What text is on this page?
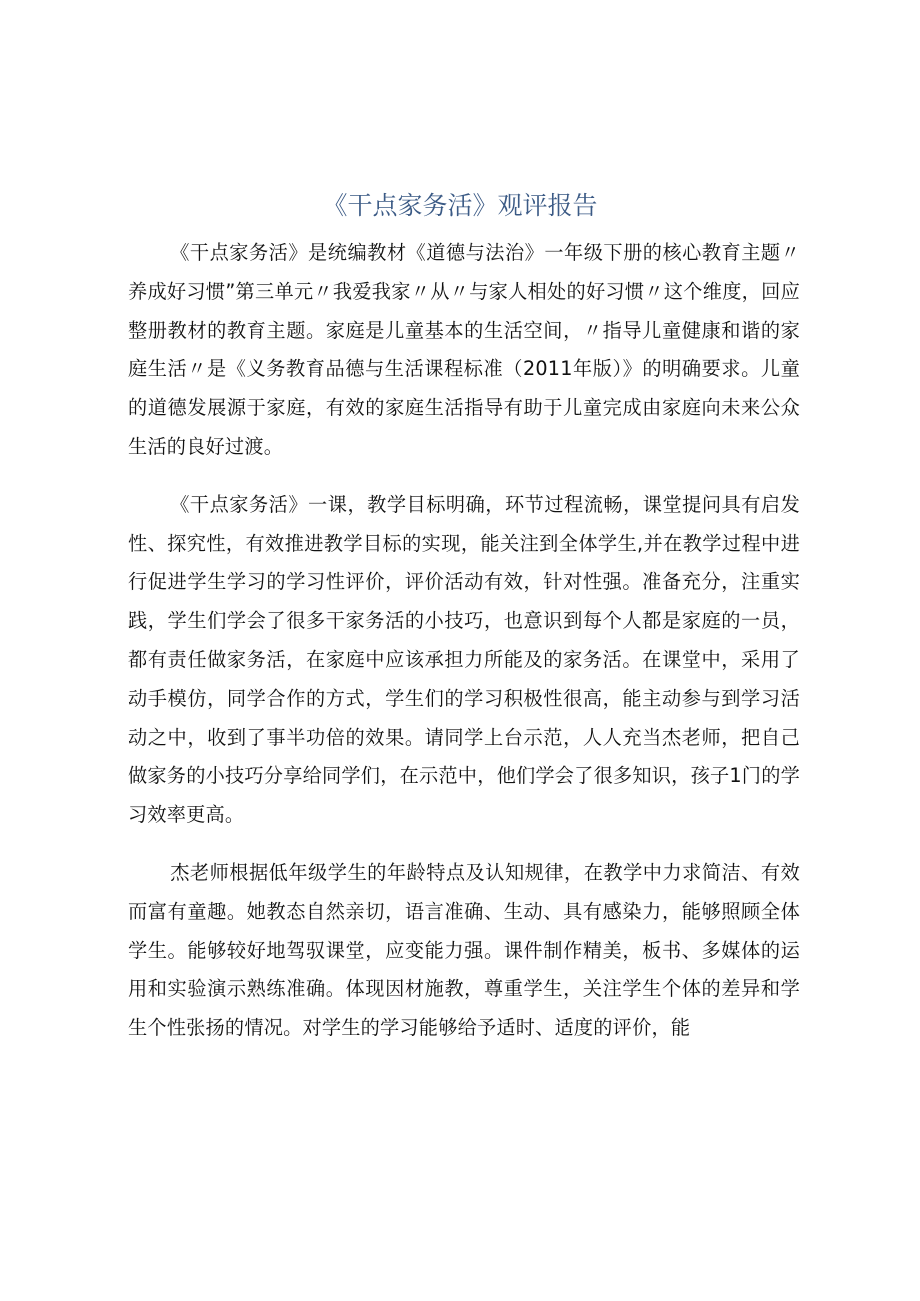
《干点家务活》观评报告

《干点家务活》是统编教材《道德与法治》一年级下册的核心教育主题〃养成好习惯”第三单元〃我爱我家〃从〃与家人相处的好习惯〃这个维度，回应整册教材的教育主题。家庭是儿童基本的生活空间，〃指导儿童健康和谐的家庭生活〃是《义务教育品德与生活课程标准（2011年版）》的明确要求。儿童的道德发展源于家庭，有效的家庭生活指导有助于儿童完成由家庭向未来公众生活的良好过渡。

《干点家务活》一课，教学目标明确，环节过程流畅，课堂提问具有启发性、探究性，有效推进教学目标的实现，能关注到全体学生,并在教学过程中进行促进学生学习的学习性评价，评价活动有效，针对性强。准备充分，注重实践，学生们学会了很多干家务活的小技巧，也意识到每个人都是家庭的一员，都有责任做家务活，在家庭中应该承担力所能及的家务活。在课堂中，采用了动手模仿，同学合作的方式，学生们的学习积极性很高，能主动参与到学习活动之中，收到了事半功倍的效果。请同学上台示范，人人充当杰老师，把自己做家务的小技巧分享给同学们，在示范中，他们学会了很多知识，孩子1门的学习效率更高。

杰老师根据低年级学生的年龄特点及认知规律，在教学中力求简洁、有效而富有童趣。她教态自然亲切，语言准确、生动、具有感染力，能够照顾全体学生。能够较好地驾驭课堂，应变能力强。课件制作精美，板书、多媒体的运用和实验演示熟练准确。体现因材施教，尊重学生，关注学生个体的差异和学生个性张扬的情况。对学生的学习能够给予适时、适度的评价，能
